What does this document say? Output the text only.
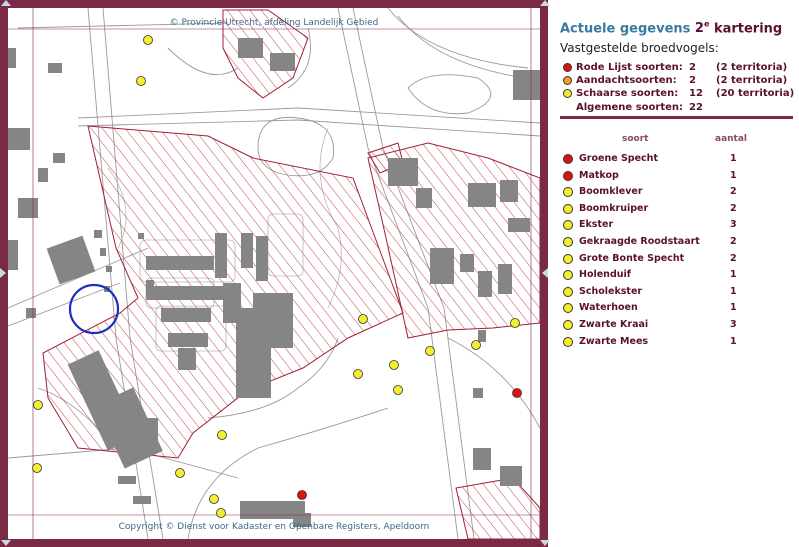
© Provincie Utrecht, afdeling Landelijk Gebied
Copyright © Dienst voor Kadaster en Openbare Registers, Apeldoorn
Actuele gegevens 2e kartering
Vastgestelde broedvogels:
Rode Lijst soorten: 2 (2 territoria)
Aandachtsoorten: 2 (2 territoria)
Schaarse soorten: 12 (20 territoria)
Algemene soorten: 22
soort	aantal
Groene Specht	1
Matkop	1
Boomklever	2
Boomkruiper	2
Ekster	3
Gekraagde Roodstaart	2
Grote Bonte Specht	2
Holenduif	1
Scholekster	1
Waterhoen	1
Zwarte Kraai	3
Zwarte Mees	1
